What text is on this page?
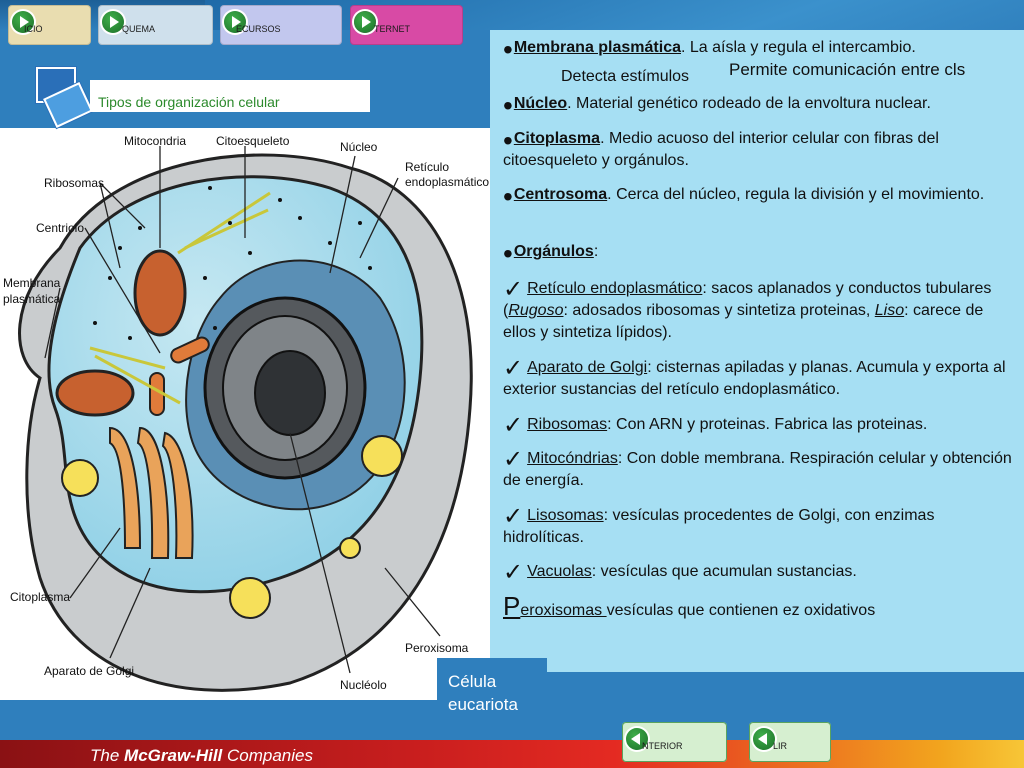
ICIO	QUEMA	ECURSOS	TERNET
Tipos de organización celular
Mitocondria Citoesqueleto	Núcleo
Retículo
endoplasmático
Ribosomas
Centriolo
Membrana
plasmática
Citoplasma
Aparato de Golgi
Nucléolo
Peroxisoma
• Membrana plasmática. La aísla y regula el intercambio.
Detecta estímulos	Permite comunicación entre cls
• Núcleo. Material genético rodeado de la envoltura nuclear.
• Citoplasma. Medio acuoso del interior celular con fibras del citoesqueleto y orgánulos.
• Centrosoma. Cerca del núcleo, regula la división y el movimiento.
• Orgánulos:
✓ Retículo endoplasmático: sacos aplanados y conductos tubulares (Rugoso: adosados ribosomas y sintetiza proteinas, Liso: carece de ellos y sintetiza lípidos).
✓ Aparato de Golgi: cisternas apiladas y planas. Acumula y exporta al exterior sustancias del retículo endoplasmático.
✓ Ribosomas: Con ARN y proteinas. Fabrica las proteinas.
✓ Mitocóndrias: Con doble membrana. Respiración celular y obtención de energía.
✓ Lisosomas: vesículas procedentes de Golgi, con enzimas hidrolíticas.
✓ Vacuolas: vesículas que acumulan sustancias.
Peroxisomas vesículas que contienen ez oxidativos
Célula
eucariota
NTERIOR	LIR
The McGraw-Hill Companies
